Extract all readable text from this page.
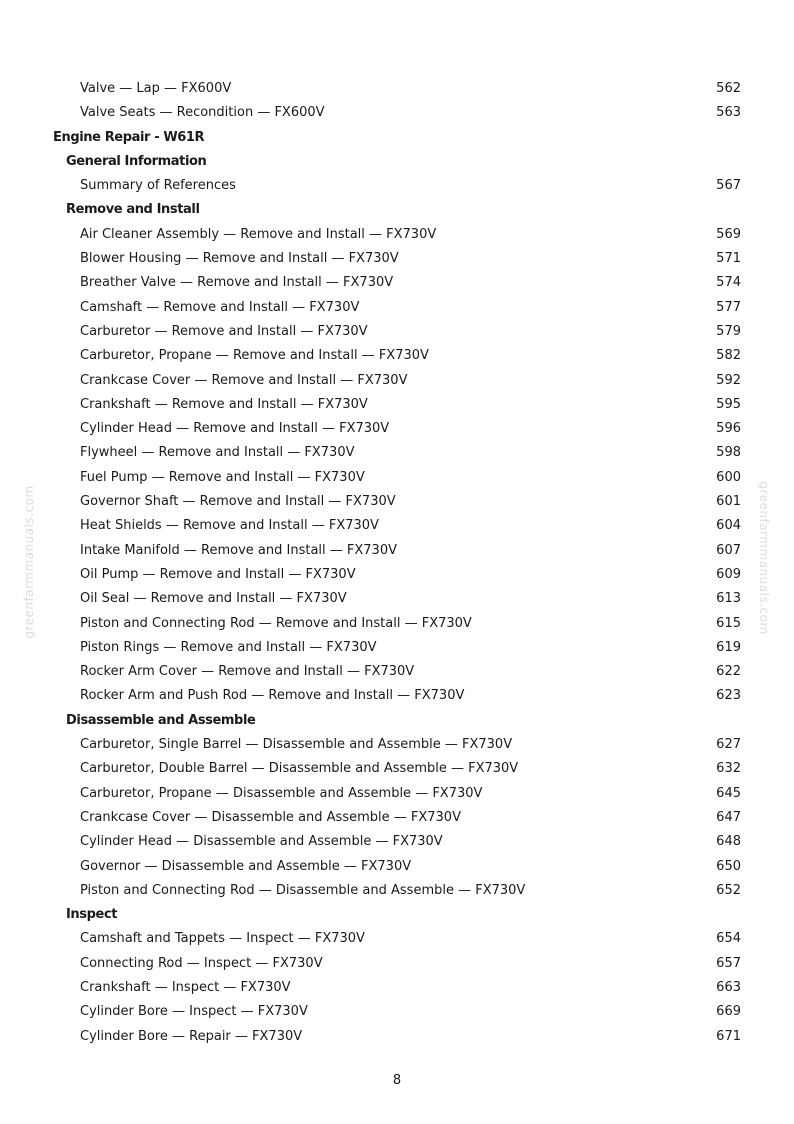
greenfarmmanuals.com	greenfarmmanuals.com
Valve — Lap — FX600V	562
Valve Seats — Recondition — FX600V	563
Engine Repair - W61R
General Information
Summary of References	567
Remove and Install
Air Cleaner Assembly — Remove and Install — FX730V	569
Blower Housing — Remove and Install — FX730V	571
Breather Valve — Remove and Install — FX730V	574
Camshaft — Remove and Install — FX730V	577
Carburetor — Remove and Install — FX730V	579
Carburetor, Propane — Remove and Install — FX730V	582
Crankcase Cover — Remove and Install — FX730V	592
Crankshaft — Remove and Install — FX730V	595
Cylinder Head — Remove and Install — FX730V	596
Flywheel — Remove and Install — FX730V	598
Fuel Pump — Remove and Install — FX730V	600
Governor Shaft — Remove and Install — FX730V	601
Heat Shields — Remove and Install — FX730V	604
Intake Manifold — Remove and Install — FX730V	607
Oil Pump — Remove and Install — FX730V	609
Oil Seal — Remove and Install — FX730V	613
Piston and Connecting Rod — Remove and Install — FX730V	615
Piston Rings — Remove and Install — FX730V	619
Rocker Arm Cover — Remove and Install — FX730V	622
Rocker Arm and Push Rod — Remove and Install — FX730V	623
Disassemble and Assemble
Carburetor, Single Barrel — Disassemble and Assemble — FX730V	627
Carburetor, Double Barrel — Disassemble and Assemble — FX730V	632
Carburetor, Propane — Disassemble and Assemble — FX730V	645
Crankcase Cover — Disassemble and Assemble — FX730V	647
Cylinder Head — Disassemble and Assemble — FX730V	648
Governor — Disassemble and Assemble — FX730V	650
Piston and Connecting Rod — Disassemble and Assemble — FX730V	652
Inspect
Camshaft and Tappets — Inspect — FX730V	654
Connecting Rod — Inspect — FX730V	657
Crankshaft — Inspect — FX730V	663
Cylinder Bore — Inspect — FX730V	669
Cylinder Bore — Repair — FX730V	671
8
